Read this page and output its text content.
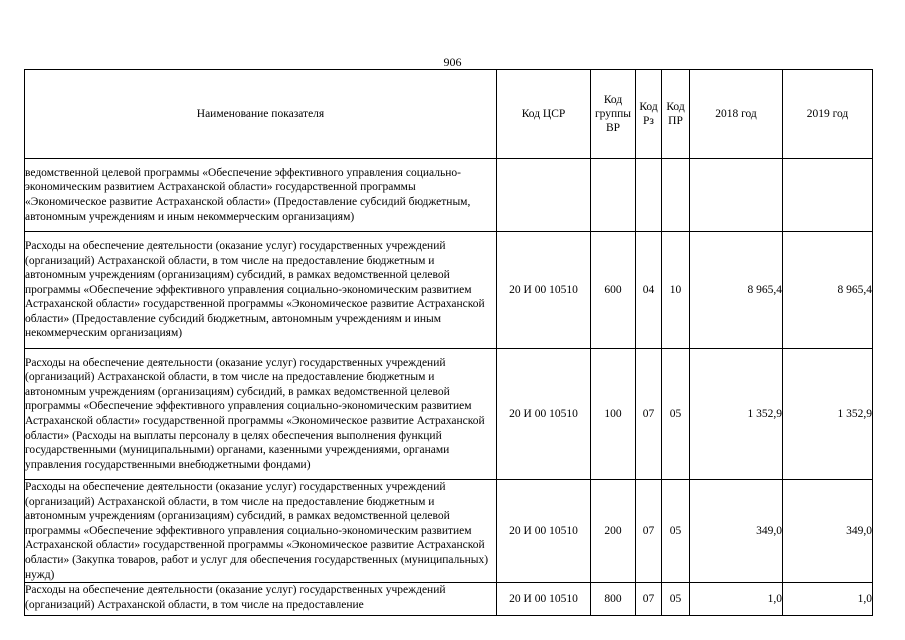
906
Наименование показателя	Код ЦСР	Код группы ВР	Код Рз	Код ПР	2018 год	2019 год
ведомственной целевой программы «Обеспечение эффективного управления социально-экономическим развитием Астраханской области» государственной программы «Экономическое развитие Астраханской области» (Предоставление субсидий бюджетным, автономным учреждениям и иным некоммерческим организациям)						
Расходы на обеспечение деятельности (оказание услуг) государственных учреждений (организаций) Астраханской области, в том числе на предоставление бюджетным и автономным учреждениям (организациям) субсидий, в рамках ведомственной целевой программы «Обеспечение эффективного управления социально-экономическим развитием Астраханской области» государственной программы «Экономическое развитие Астраханской области» (Предоставление субсидий бюджетным, автономным учреждениям и иным некоммерческим организациям)	20 И 00 10510	600	04	10	8 965,4	8 965,4
Расходы на обеспечение деятельности (оказание услуг) государственных учреждений (организаций) Астраханской области, в том числе на предоставление бюджетным и автономным учреждениям (организациям) субсидий, в рамках ведомственной целевой программы «Обеспечение эффективного управления социально-экономическим развитием Астраханской области» государственной программы «Экономическое развитие Астраханской области» (Расходы на выплаты персоналу в целях обеспечения выполнения функций государственными (муниципальными) органами, казенными учреждениями, органами управления государственными внебюджетными фондами)	20 И 00 10510	100	07	05	1 352,9	1 352,9
Расходы на обеспечение деятельности (оказание услуг) государственных учреждений (организаций) Астраханской области, в том числе на предоставление бюджетным и автономным учреждениям (организациям) субсидий, в рамках ведомственной целевой программы «Обеспечение эффективного управления социально-экономическим развитием Астраханской области» государственной программы «Экономическое развитие Астраханской области» (Закупка товаров, работ и услуг для обеспечения государственных (муниципальных) нужд)	20 И 00 10510	200	07	05	349,0	349,0
Расходы на обеспечение деятельности (оказание услуг) государственных учреждений (организаций) Астраханской области, в том числе на предоставление	20 И 00 10510	800	07	05	1,0	1,0
